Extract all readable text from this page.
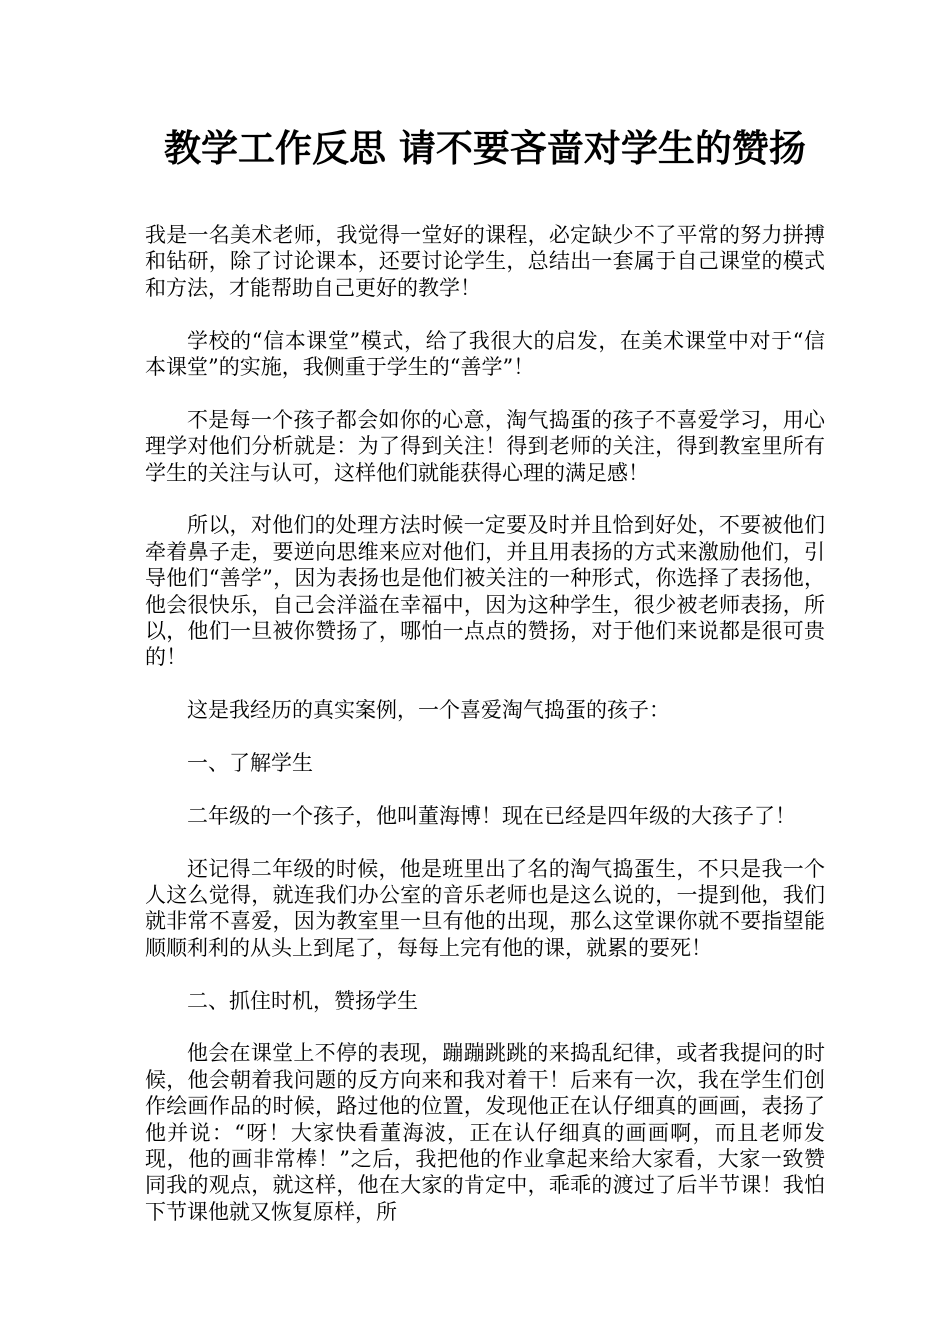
教学工作反思 请不要吝啬对学生的赞扬

我是一名美术老师，我觉得一堂好的课程，必定缺少不了平常的努力拼搏和钻研，除了讨论课本，还要讨论学生，总结出一套属于自己课堂的模式和方法，才能帮助自己更好的教学！

学校的“信本课堂”模式，给了我很大的启发，在美术课堂中对于“信本课堂”的实施，我侧重于学生的“善学”！

不是每一个孩子都会如你的心意，淘气捣蛋的孩子不喜爱学习，用心理学对他们分析就是：为了得到关注！得到老师的关注，得到教室里所有学生的关注与认可，这样他们就能获得心理的满足感！

所以，对他们的处理方法时候一定要及时并且恰到好处，不要被他们牵着鼻子走，要逆向思维来应对他们，并且用表扬的方式来激励他们，引导他们“善学”，因为表扬也是他们被关注的一种形式，你选择了表扬他，他会很快乐，自己会洋溢在幸福中，因为这种学生，很少被老师表扬，所以，他们一旦被你赞扬了，哪怕一点点的赞扬，对于他们来说都是很可贵的！

这是我经历的真实案例，一个喜爱淘气捣蛋的孩子：

一、了解学生

二年级的一个孩子，他叫董海博！现在已经是四年级的大孩子了！

还记得二年级的时候，他是班里出了名的淘气捣蛋生，不只是我一个人这么觉得，就连我们办公室的音乐老师也是这么说的，一提到他，我们就非常不喜爱，因为教室里一旦有他的出现，那么这堂课你就不要指望能顺顺利利的从头上到尾了，每每上完有他的课，就累的要死！

二、抓住时机，赞扬学生

他会在课堂上不停的表现，蹦蹦跳跳的来捣乱纪律，或者我提问的时候，他会朝着我问题的反方向来和我对着干！后来有一次，我在学生们创作绘画作品的时候，路过他的位置，发现他正在认仔细真的画画，表扬了他并说：“呀！大家快看董海波，正在认仔细真的画画啊，而且老师发现，他的画非常棒！”之后，我把他的作业拿起来给大家看，大家一致赞同我的观点，就这样，他在大家的肯定中，乖乖的渡过了后半节课！我怕下节课他就又恢复原样，所
